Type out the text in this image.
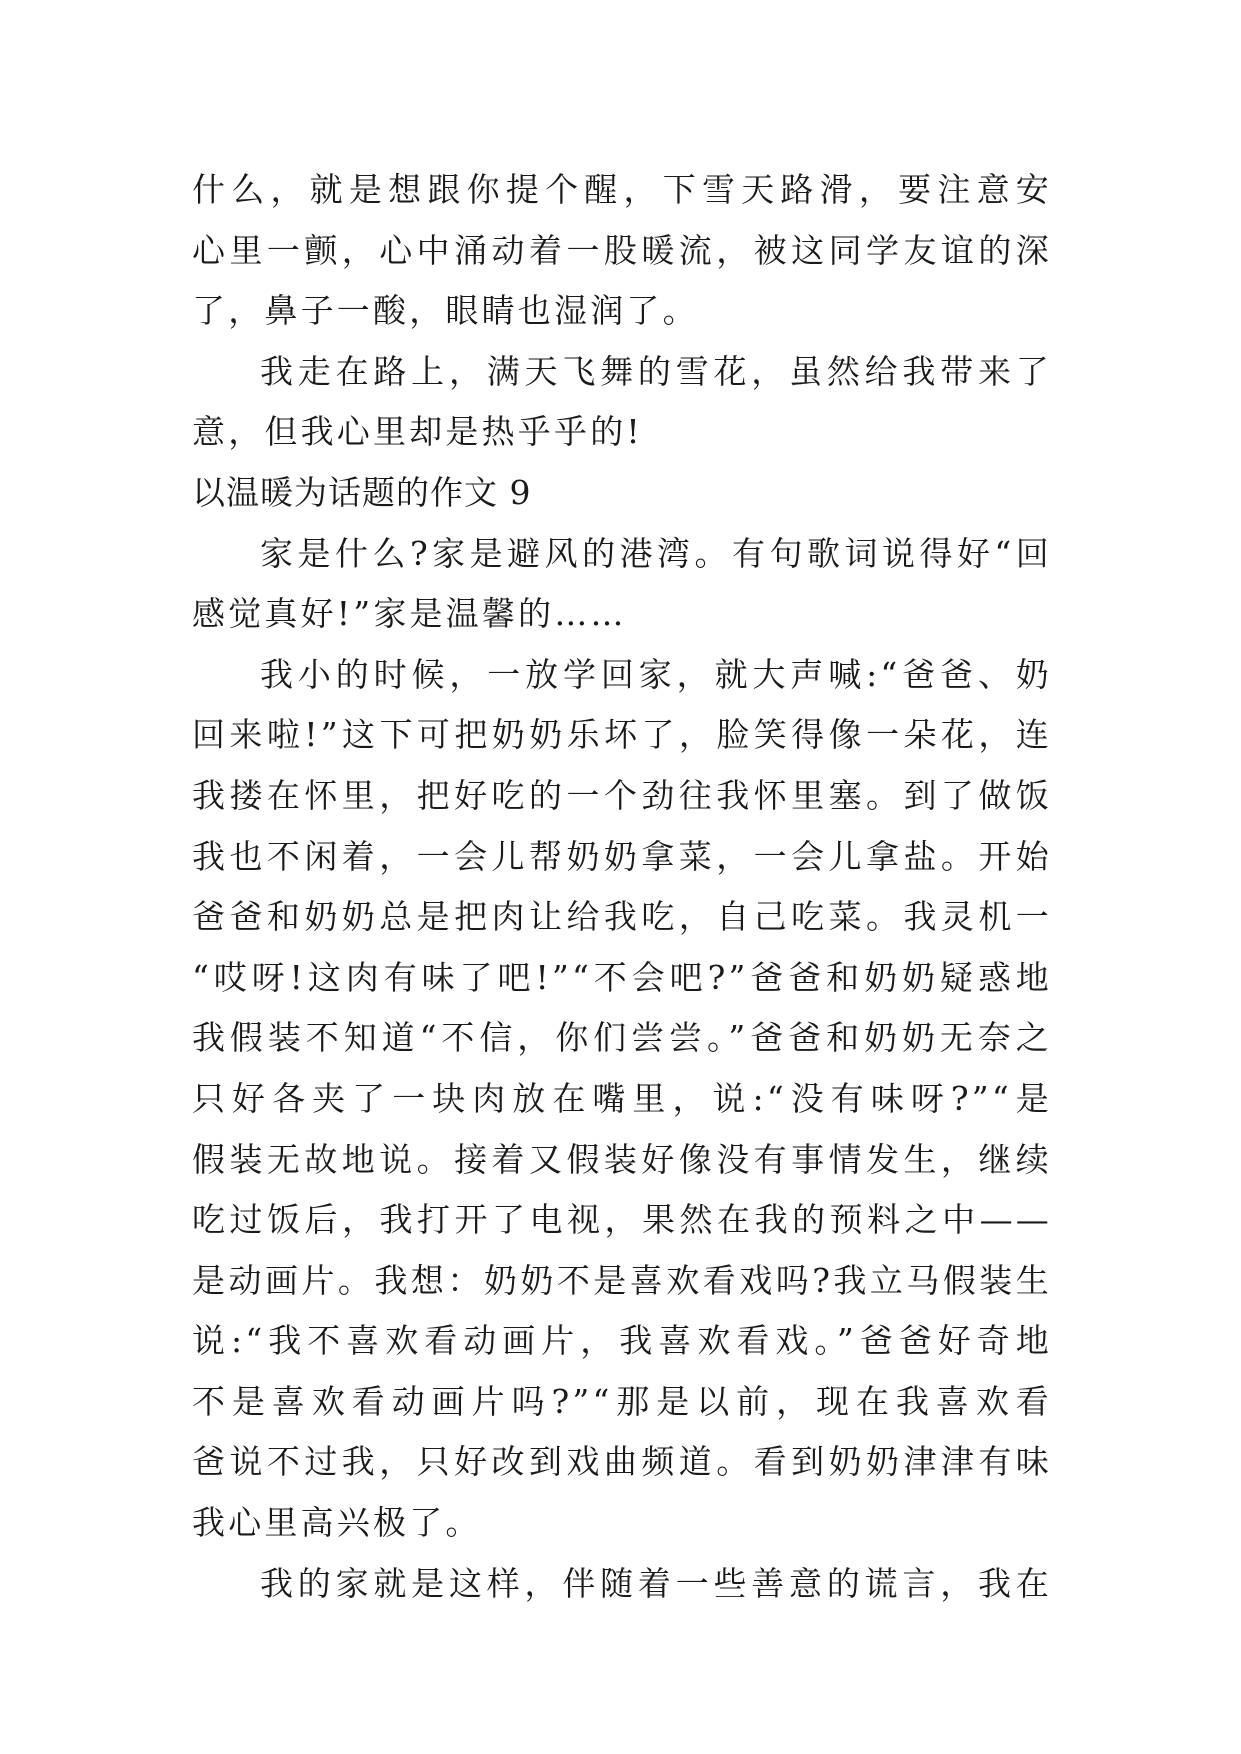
什么，就是想跟你提个醒，下雪天路滑，要注意安
心里一颤，心中涌动着一股暖流，被这同学友谊的深
了，鼻子一酸，眼睛也湿润了。
我走在路上，满天飞舞的雪花，虽然给我带来了
意，但我心里却是热乎乎的!
以温暖为话题的作文 9
家是什么?家是避风的港湾。有句歌词说得好“回
感觉真好!”家是温馨的……
我小的时候，一放学回家，就大声喊:“爸爸、奶
回来啦!”这下可把奶奶乐坏了，脸笑得像一朵花，连
我搂在怀里，把好吃的一个劲往我怀里塞。到了做饭
我也不闲着，一会儿帮奶奶拿菜，一会儿拿盐。开始
爸爸和奶奶总是把肉让给我吃，自己吃菜。我灵机一
“哎呀!这肉有味了吧!”“不会吧?”爸爸和奶奶疑惑地
我假装不知道“不信，你们尝尝。”爸爸和奶奶无奈之
只好各夹了一块肉放在嘴里，说:“没有味呀?”“是
假装无故地说。接着又假装好像没有事情发生，继续
吃过饭后，我打开了电视，果然在我的预料之中——
是动画片。我想：奶奶不是喜欢看戏吗?我立马假装生
说:“我不喜欢看动画片，我喜欢看戏。”爸爸好奇地
不是喜欢看动画片吗?”“那是以前，现在我喜欢看
爸说不过我，只好改到戏曲频道。看到奶奶津津有味
我心里高兴极了。
我的家就是这样，伴随着一些善意的谎言，我在
